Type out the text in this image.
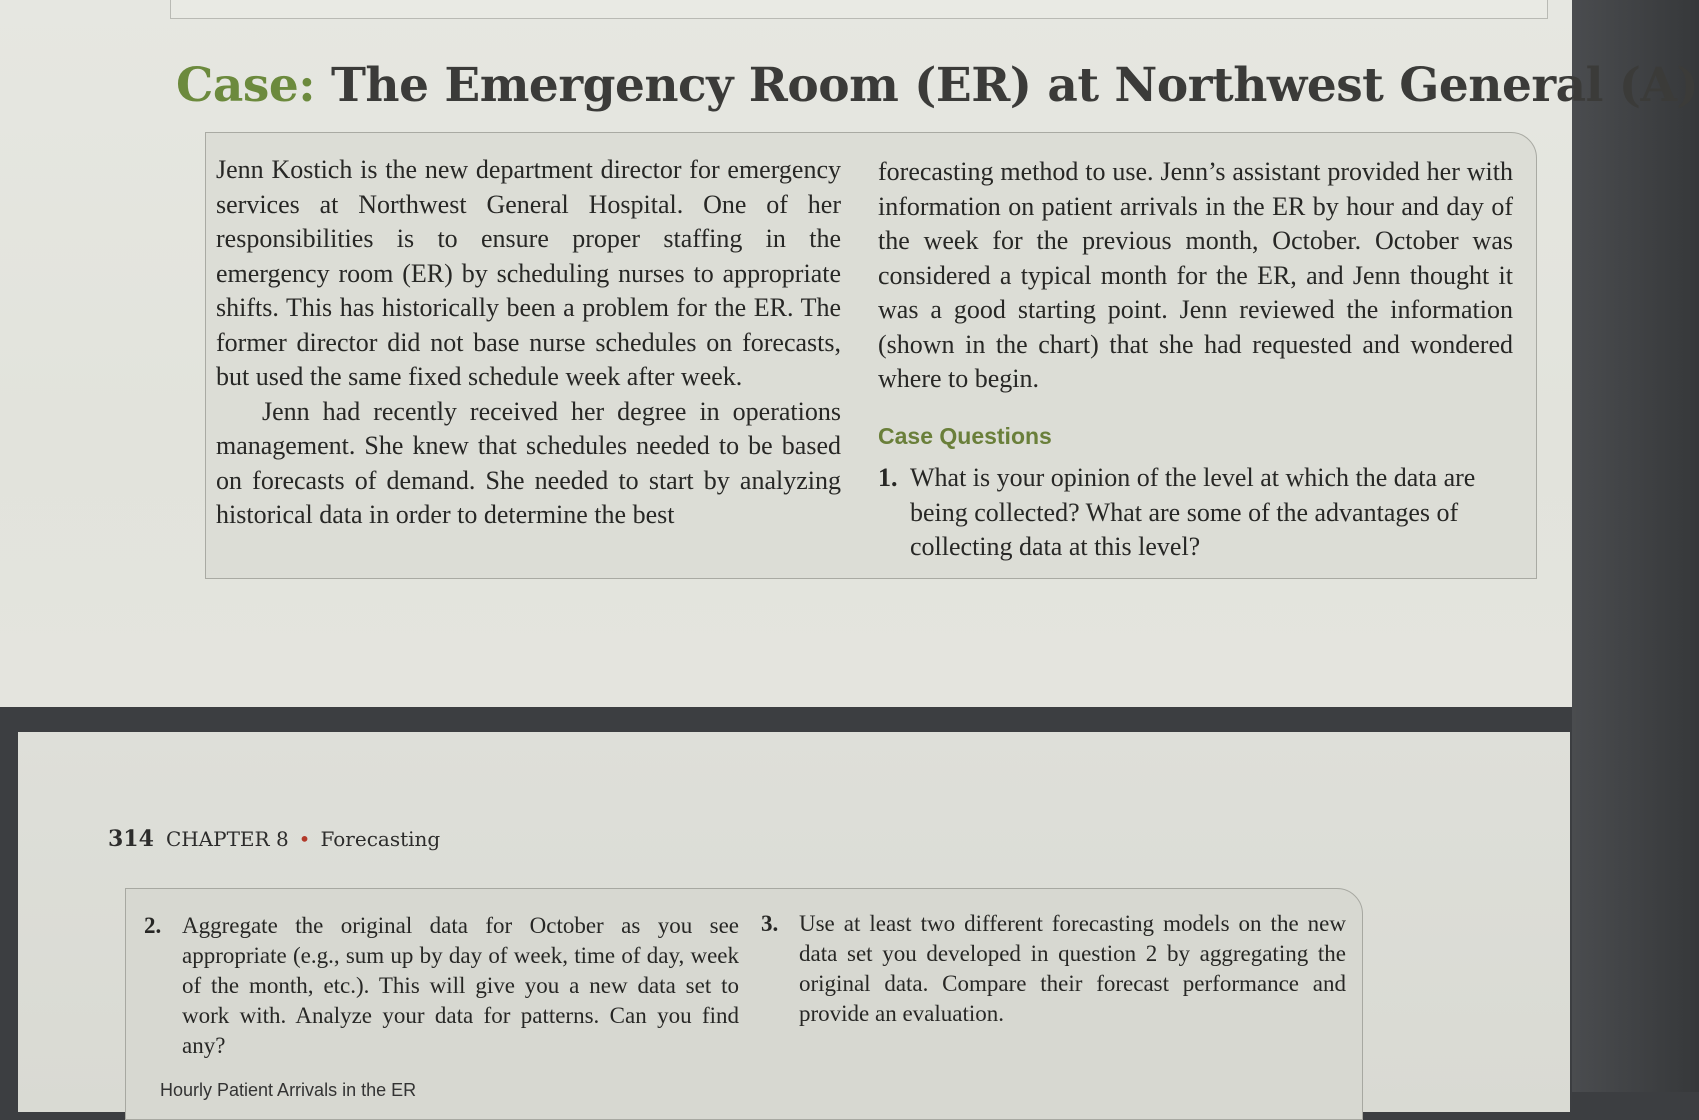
Case: The Emergency Room (ER) at Northwest General (A)

Jenn Kostich is the new department director for emergency services at Northwest General Hospital. One of her responsibilities is to ensure proper staffing in the emergency room (ER) by scheduling nurses to appropriate shifts. This has historically been a problem for the ER. The former director did not base nurse schedules on forecasts, but used the same fixed schedule week after week.

Jenn had recently received her degree in operations management. She knew that schedules needed to be based on forecasts of demand. She needed to start by analyzing historical data in order to determine the best

forecasting method to use. Jenn’s assistant provided her with information on patient arrivals in the ER by hour and day of the week for the previous month, October. October was considered a typical month for the ER, and Jenn thought it was a good starting point. Jenn reviewed the information (shown in the chart) that she had requested and wondered where to begin.

Case Questions

1. What is your opinion of the level at which the data are being collected? What are some of the advantages of collecting data at this level?

314 CHAPTER 8 • Forecasting

2. Aggregate the original data for October as you see appropriate (e.g., sum up by day of week, time of day, week of the month, etc.). This will give you a new data set to work with. Analyze your data for patterns. Can you find any?

3. Use at least two different forecasting models on the new data set you developed in question 2 by aggregating the original data. Compare their forecast performance and provide an evaluation.

Hourly Patient Arrivals in the ER
